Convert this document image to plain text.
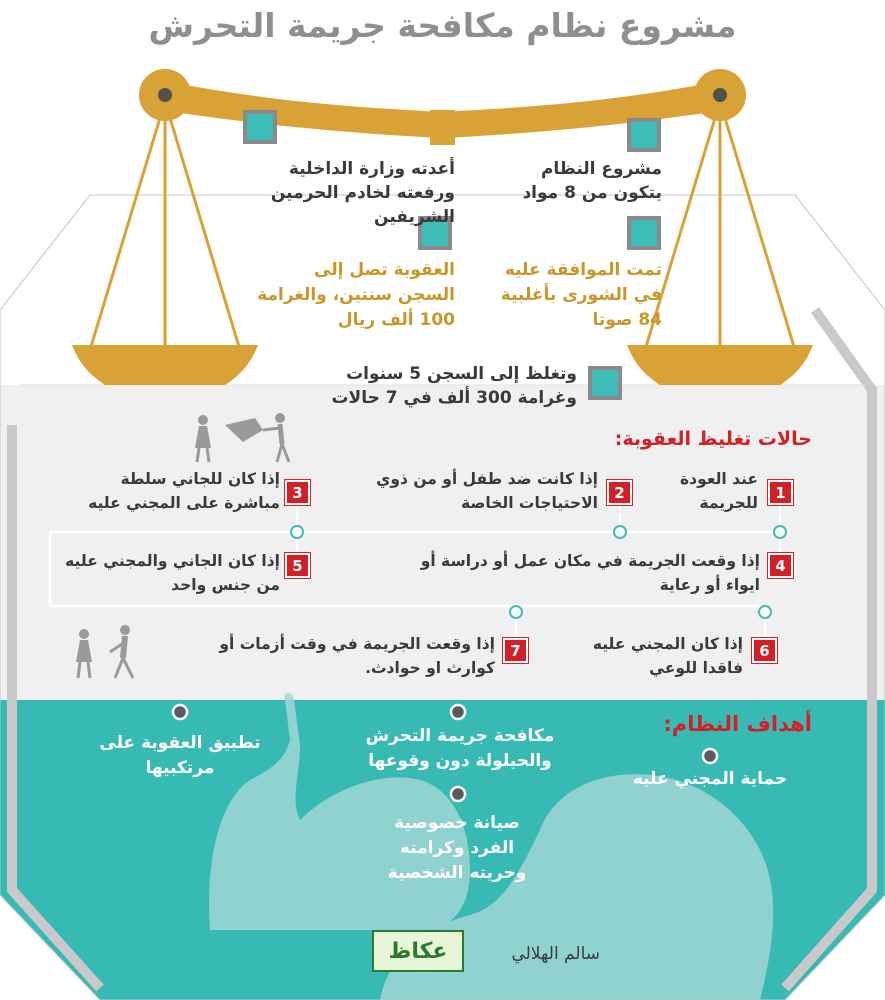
مشروع نظام مكافحة جريمة التحرش
مشروع النظام يتكون من 8 مواد
أعدته وزارة الداخلية ورفعته لخادم الحرمين الشريفين
تمت الموافقة عليه في الشورى بأغلبية 84 صوتا
العقوبة تصل إلى السجن سنتين، والغرامة 100 ألف ريال
وتغلظ إلى السجن 5 سنوات وغرامة 300 ألف في 7 حالات
حالات تغليظ العقوبة:
1
2
3
4
5
6
7
عند العودة للجريمة
إذا كانت ضد طفل أو من ذوي الاحتياجات الخاصة
إذا كان للجاني سلطة مباشرة على المجني عليه
إذا وقعت الجريمة في مكان عمل أو دراسة أو ايواء أو رعاية
إذا كان الجاني والمجني عليه من جنس واحد
إذا كان المجني عليه فاقدا للوعي
إذا وقعت الجريمة في وقت أزمات أو كوارث او حوادث.
أهداف النظام:
حماية المجني عليه
مكافحة جريمة التحرش والحيلولة دون وقوعها
تطبيق العقوبة على مرتكبيها
صيانة خصوصية الفرد وكرامته وحريته الشخصية
سالم الهلالي
عكاظ
